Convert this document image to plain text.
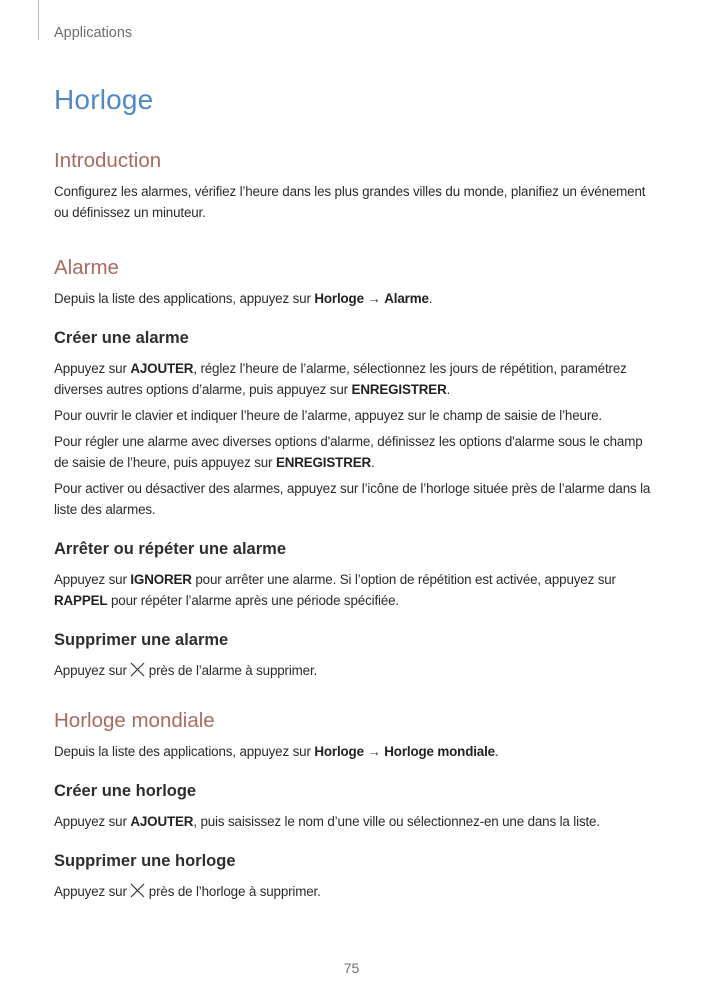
Applications
Horloge
Introduction

Configurez les alarmes, vérifiez l’heure dans les plus grandes villes du monde, planifiez un événement ou définissez un minuteur.

Alarme

Depuis la liste des applications, appuyez sur Horloge → Alarme.

Créer une alarme

Appuyez sur AJOUTER, réglez l’heure de l’alarme, sélectionnez les jours de répétition, paramétrez diverses autres options d’alarme, puis appuyez sur ENREGISTRER.

Pour ouvrir le clavier et indiquer l’heure de l’alarme, appuyez sur le champ de saisie de l’heure.

Pour régler une alarme avec diverses options d'alarme, définissez les options d'alarme sous le champ de saisie de l’heure, puis appuyez sur ENREGISTRER.

Pour activer ou désactiver des alarmes, appuyez sur l’icône de l’horloge située près de l’alarme dans la liste des alarmes.

Arrêter ou répéter une alarme

Appuyez sur IGNORER pour arrêter une alarme. Si l’option de répétition est activée, appuyez sur RAPPEL pour répéter l’alarme après une période spécifiée.

Supprimer une alarme

Appuyez sur près de l’alarme à supprimer.

Horloge mondiale

Depuis la liste des applications, appuyez sur Horloge → Horloge mondiale.

Créer une horloge

Appuyez sur AJOUTER, puis saisissez le nom d’une ville ou sélectionnez-en une dans la liste.

Supprimer une horloge

Appuyez sur près de l’horloge à supprimer.

75
